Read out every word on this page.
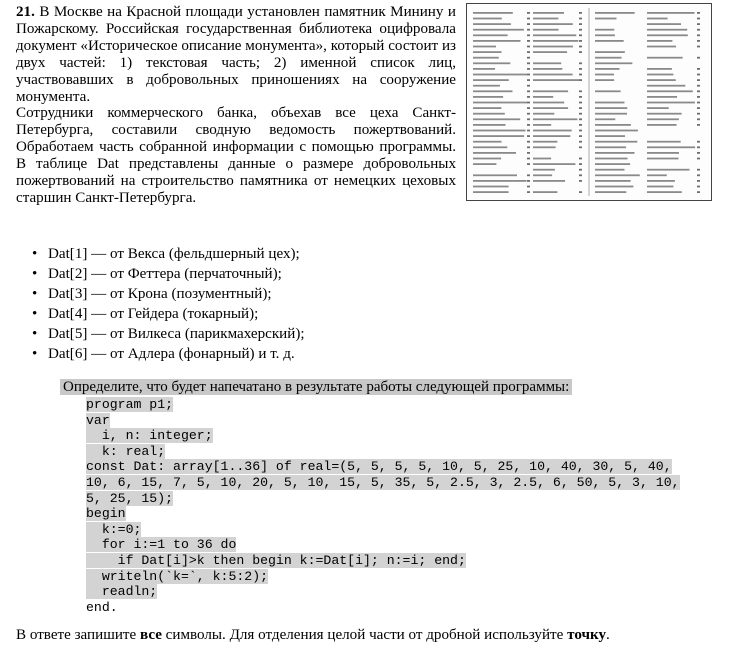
21. В Москве на Красной площади установлен памятник Минину и Пожарскому. Российская государственная библиотека оцифровала документ «Историческое описание монумента», который состоит из двух частей: 1) текстовая часть; 2) именной список лиц, участвовавших в добровольных приношениях на сооружение монумента.

Сотрудники коммерческого банка, объехав все цеха Санкт-Петербурга, составили сводную ведомость пожертвований. Обработаем часть собранной информации с помощью программы. В таблице Dat представлены данные о размере добровольных пожертвований на строительство памятника от немецких цеховых старшин Санкт-Петербурга.

• Dat[1] — от Векса (фельдшерный цех);
• Dat[2] — от Феттера (перчаточный);
• Dat[3] — от Крона (позументный);
• Dat[4] — от Гейдера (токарный);
• Dat[5] — от Вилкеса (парикмахерский);
• Dat[6] — от Адлера (фонарный) и т. д.
Определите, что будет напечатано в результате работы следующей программы:
program p1;
var
i, n: integer;
k: real;
const Dat: array[1..36] of real=(5, 5, 5, 5, 10, 5, 25, 10, 40, 30, 5, 40,
10, 6, 15, 7, 5, 10, 20, 5, 10, 15, 5, 35, 5, 2.5, 3, 2.5, 6, 50, 5, 3, 10,
5, 25, 15);
begin
k:=0;
for i:=1 to 36 do
if Dat[i]>k then begin k:=Dat[i]; n:=i; end;
writeln(`k=`, k:5:2);
readln;
end.
В ответе запишите все символы. Для отделения целой части от дробной используйте точку.
